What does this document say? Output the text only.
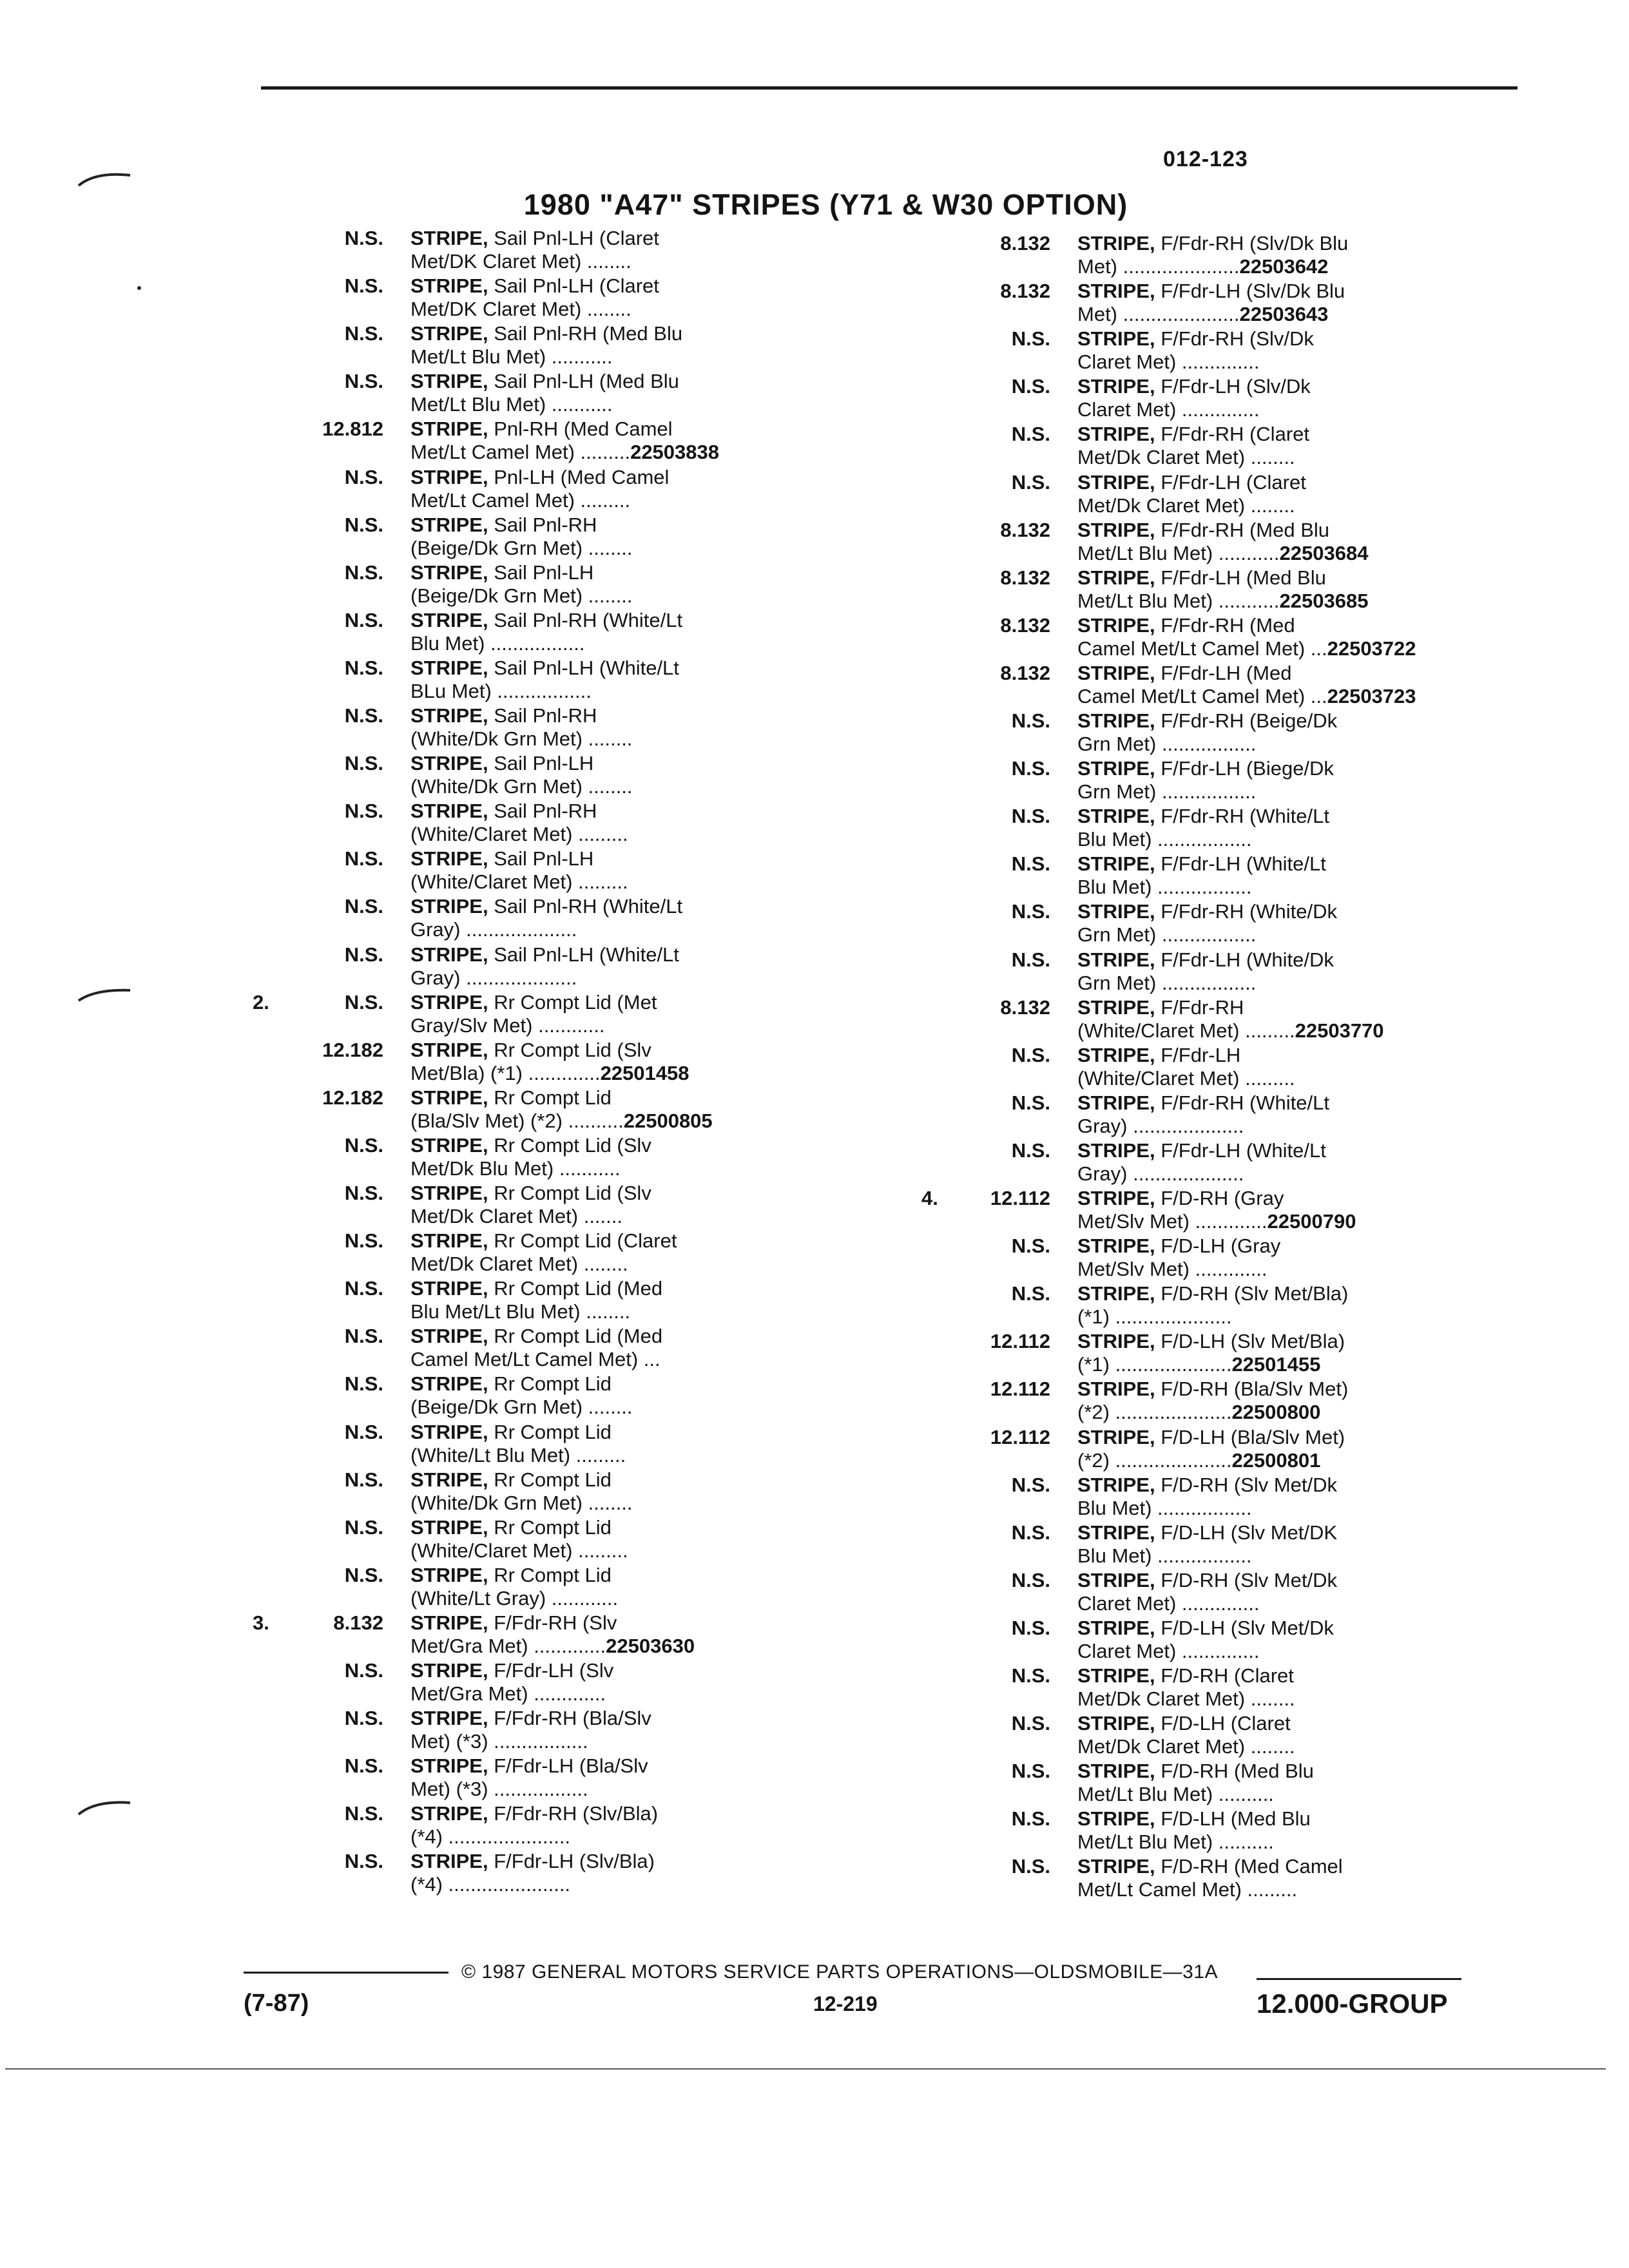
012-123
1980 "A47" STRIPES (Y71 & W30 OPTION)
N.S. STRIPE, Sail Pnl-LH (Claret
Met/DK Claret Met) ........
N.S. STRIPE, Sail Pnl-LH (Claret
Met/DK Claret Met) ........
N.S. STRIPE, Sail Pnl-RH (Med Blu
Met/Lt Blu Met) ...........
N.S. STRIPE, Sail Pnl-LH (Med Blu
Met/Lt Blu Met) ...........
12.812 STRIPE, Pnl-RH (Med Camel
Met/Lt Camel Met) .........22503838
N.S. STRIPE, Pnl-LH (Med Camel
Met/Lt Camel Met) .........
N.S. STRIPE, Sail Pnl-RH
(Beige/Dk Grn Met) ........
N.S. STRIPE, Sail Pnl-LH
(Beige/Dk Grn Met) ........
N.S. STRIPE, Sail Pnl-RH (White/Lt
Blu Met) .................
N.S. STRIPE, Sail Pnl-LH (White/Lt
BLu Met) .................
N.S. STRIPE, Sail Pnl-RH
(White/Dk Grn Met) ........
N.S. STRIPE, Sail Pnl-LH
(White/Dk Grn Met) ........
N.S. STRIPE, Sail Pnl-RH
(White/Claret Met) .........
N.S. STRIPE, Sail Pnl-LH
(White/Claret Met) .........
N.S. STRIPE, Sail Pnl-RH (White/Lt
Gray) ....................
N.S. STRIPE, Sail Pnl-LH (White/Lt
Gray) ....................
2.	N.S. STRIPE, Rr Compt Lid (Met
Gray/Slv Met) ............
12.182 STRIPE, Rr Compt Lid (Slv
Met/Bla) (*1) .............22501458
12.182 STRIPE, Rr Compt Lid
(Bla/Slv Met) (*2) ..........22500805
N.S. STRIPE, Rr Compt Lid (Slv
Met/Dk Blu Met) ...........
N.S. STRIPE, Rr Compt Lid (Slv
Met/Dk Claret Met) .......
N.S. STRIPE, Rr Compt Lid (Claret
Met/Dk Claret Met) ........
N.S. STRIPE, Rr Compt Lid (Med
Blu Met/Lt Blu Met) ........
N.S. STRIPE, Rr Compt Lid (Med
Camel Met/Lt Camel Met) ...
N.S. STRIPE, Rr Compt Lid
(Beige/Dk Grn Met) ........
N.S. STRIPE, Rr Compt Lid
(White/Lt Blu Met) .........
N.S. STRIPE, Rr Compt Lid
(White/Dk Grn Met) ........
N.S. STRIPE, Rr Compt Lid
(White/Claret Met) .........
N.S. STRIPE, Rr Compt Lid
(White/Lt Gray) ............
3.	8.132 STRIPE, F/Fdr-RH (Slv
Met/Gra Met) .............22503630
N.S. STRIPE, F/Fdr-LH (Slv
Met/Gra Met) .............
N.S. STRIPE, F/Fdr-RH (Bla/Slv
Met) (*3) .................
N.S. STRIPE, F/Fdr-LH (Bla/Slv
Met) (*3) .................
N.S. STRIPE, F/Fdr-RH (Slv/Bla)
(*4) ......................
N.S. STRIPE, F/Fdr-LH (Slv/Bla)
(*4) ......................
8.132 STRIPE, F/Fdr-RH (Slv/Dk Blu
Met) .....................22503642
8.132 STRIPE, F/Fdr-LH (Slv/Dk Blu
Met) .....................22503643
N.S. STRIPE, F/Fdr-RH (Slv/Dk
Claret Met) ..............
N.S. STRIPE, F/Fdr-LH (Slv/Dk
Claret Met) ..............
N.S. STRIPE, F/Fdr-RH (Claret
Met/Dk Claret Met) ........
N.S. STRIPE, F/Fdr-LH (Claret
Met/Dk Claret Met) ........
8.132 STRIPE, F/Fdr-RH (Med Blu
Met/Lt Blu Met) ...........22503684
8.132 STRIPE, F/Fdr-LH (Med Blu
Met/Lt Blu Met) ...........22503685
8.132 STRIPE, F/Fdr-RH (Med
Camel Met/Lt Camel Met) ...22503722
8.132 STRIPE, F/Fdr-LH (Med
Camel Met/Lt Camel Met) ...22503723
N.S. STRIPE, F/Fdr-RH (Beige/Dk
Grn Met) .................
N.S. STRIPE, F/Fdr-LH (Biege/Dk
Grn Met) .................
N.S. STRIPE, F/Fdr-RH (White/Lt
Blu Met) .................
N.S. STRIPE, F/Fdr-LH (White/Lt
Blu Met) .................
N.S. STRIPE, F/Fdr-RH (White/Dk
Grn Met) .................
N.S. STRIPE, F/Fdr-LH (White/Dk
Grn Met) .................
8.132 STRIPE, F/Fdr-RH
(White/Claret Met) .........22503770
N.S. STRIPE, F/Fdr-LH
(White/Claret Met) .........
N.S. STRIPE, F/Fdr-RH (White/Lt
Gray) ....................
N.S. STRIPE, F/Fdr-LH (White/Lt
Gray) ....................
4.	12.112 STRIPE, F/D-RH (Gray
Met/Slv Met) .............22500790
N.S. STRIPE, F/D-LH (Gray
Met/Slv Met) .............
N.S. STRIPE, F/D-RH (Slv Met/Bla)
(*1) .....................
12.112 STRIPE, F/D-LH (Slv Met/Bla)
(*1) .....................22501455
12.112 STRIPE, F/D-RH (Bla/Slv Met)
(*2) .....................22500800
12.112 STRIPE, F/D-LH (Bla/Slv Met)
(*2) .....................22500801
N.S. STRIPE, F/D-RH (Slv Met/Dk
Blu Met) .................
N.S. STRIPE, F/D-LH (Slv Met/DK
Blu Met) .................
N.S. STRIPE, F/D-RH (Slv Met/Dk
Claret Met) ..............
N.S. STRIPE, F/D-LH (Slv Met/Dk
Claret Met) ..............
N.S. STRIPE, F/D-RH (Claret
Met/Dk Claret Met) ........
N.S. STRIPE, F/D-LH (Claret
Met/Dk Claret Met) ........
N.S. STRIPE, F/D-RH (Med Blu
Met/Lt Blu Met) ..........
N.S. STRIPE, F/D-LH (Med Blu
Met/Lt Blu Met) ..........
N.S. STRIPE, F/D-RH (Med Camel
Met/Lt Camel Met) .........
© 1987 GENERAL MOTORS SERVICE PARTS OPERATIONS—OLDSMOBILE—31A
(7-87)	12-219	12.000-GROUP
